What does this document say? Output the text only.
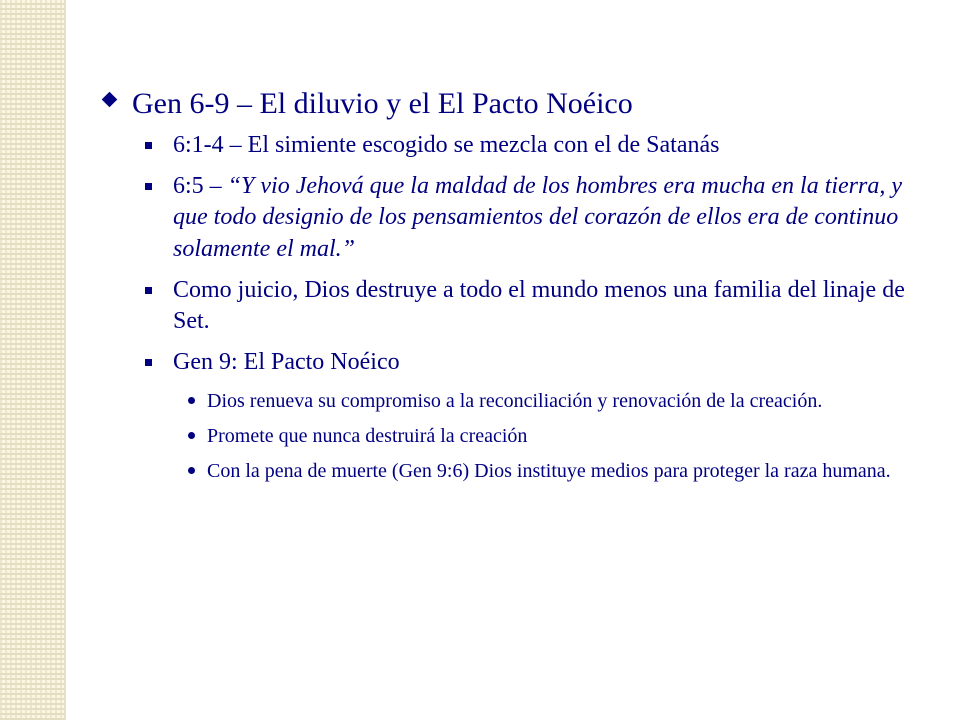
Gen 6-9 – El diluvio y el El Pacto Noéico
6:1-4 – El simiente escogido se mezcla con el de Satanás
6:5 – “Y vio Jehová que la maldad de los hombres era mucha en la tierra, y que todo designio de los pensamientos del corazón de ellos era de continuo solamente el mal.”
Como juicio, Dios destruye a todo el mundo menos una familia del linaje de Set.
Gen 9: El Pacto Noéico
Dios renueva su compromiso a la reconciliación y renovación de la creación.
Promete que nunca destruirá la creación
Con la pena de muerte (Gen 9:6) Dios instituye medios para proteger la raza humana.
